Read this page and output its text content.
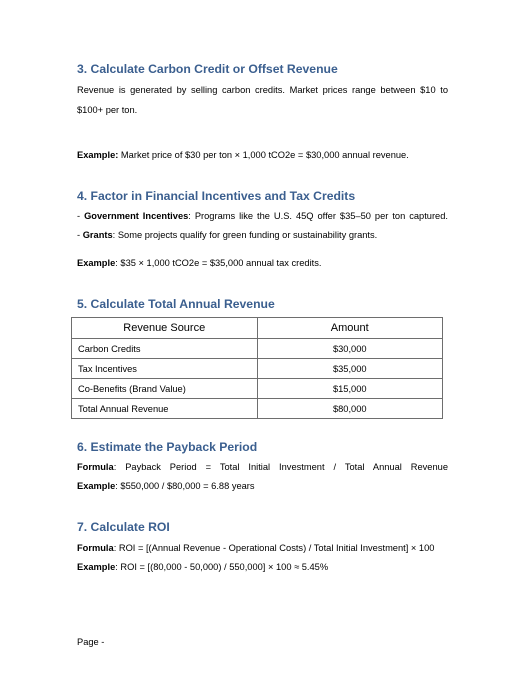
3. Calculate Carbon Credit or Offset Revenue
Revenue is generated by selling carbon credits. Market prices range between $10 to $100+ per ton.
Example: Market price of $30 per ton × 1,000 tCO2e = $30,000 annual revenue.
4. Factor in Financial Incentives and Tax Credits
- Government Incentives: Programs like the U.S. 45Q offer $35–50 per ton captured.
- Grants: Some projects qualify for green funding or sustainability grants.
Example: $35 × 1,000 tCO2e = $35,000 annual tax credits.
5. Calculate Total Annual Revenue
Revenue Source	Amount
Carbon Credits	$30,000
Tax Incentives	$35,000
Co-Benefits (Brand Value)	$15,000
Total Annual Revenue	$80,000
6. Estimate the Payback Period
Formula: Payback Period = Total Initial Investment / Total Annual Revenue
Example: $550,000 / $80,000 = 6.88 years
7. Calculate ROI
Formula: ROI = [(Annual Revenue - Operational Costs) / Total Initial Investment] × 100
Example: ROI = [(80,000 - 50,000) / 550,000] × 100 ≈ 5.45%
Page -
